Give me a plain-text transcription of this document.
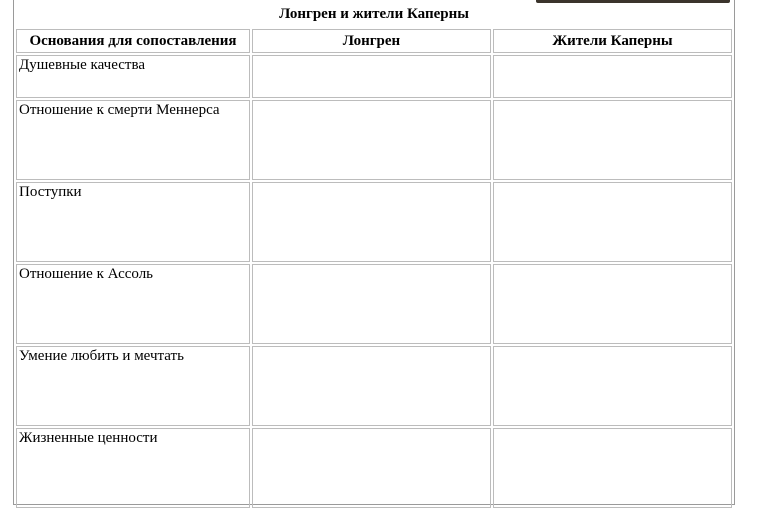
Лонгрен и жители Каперны
Основания для сопоставления	Лонгрен	Жители Каперны
Душевные качества		
Отношение к смерти Меннерса		
Поступки		
Отношение к Ассоль		
Умение любить и мечтать		
Жизненные ценности		
